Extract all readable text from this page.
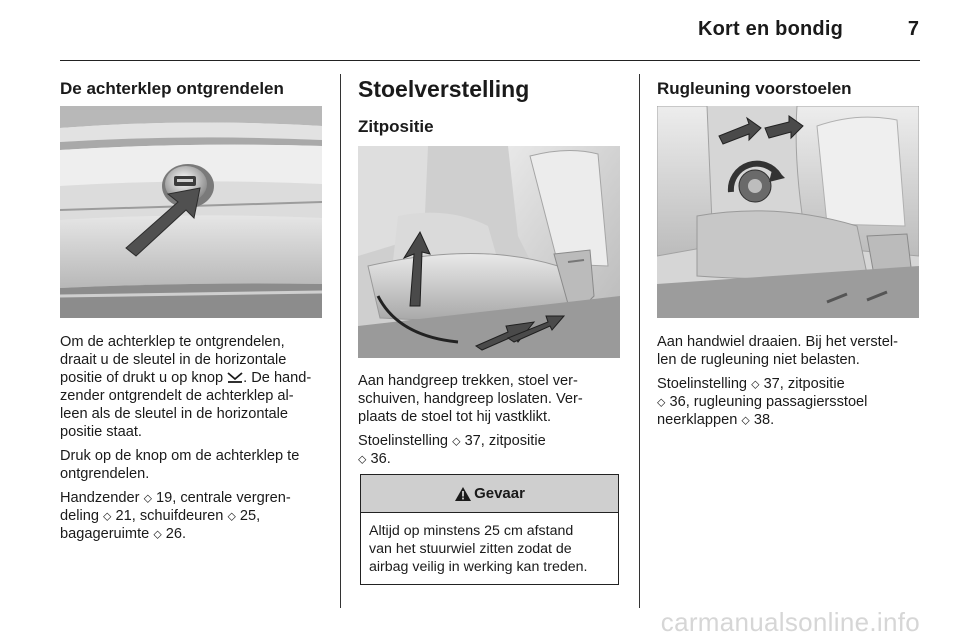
Kort en bondig	7
De achterklep ontgrendelen
Om de achterklep te ontgrendelen,
draait u de sleutel in de horizontale
positie of drukt u op knop . De hand-
zender ontgrendelt de achterklep al-
leen als de sleutel in de horizontale
positie staat.
Druk op de knop om de achterklep te
ontgrendelen.
Handzender ⬦ 19, centrale vergren-
deling ⬦ 21, schuifdeuren ⬦ 25,
bagageruimte ⬦ 26.
Stoelverstelling
Zitpositie
Aan handgreep trekken, stoel ver-
schuiven, handgreep loslaten. Ver-
plaats de stoel tot hij vastklikt.
Stoelinstelling ⬦ 37, zitpositie
⬦ 36.
Gevaar
Altijd op minstens 25 cm afstand
van het stuurwiel zitten zodat de
airbag veilig in werking kan treden.
Rugleuning voorstoelen
Aan handwiel draaien. Bij het verstel-
len de rugleuning niet belasten.
Stoelinstelling ⬦ 37, zitpositie
⬦ 36, rugleuning passagiersstoel
neerklappen ⬦ 38.
carmanualsonline.info
